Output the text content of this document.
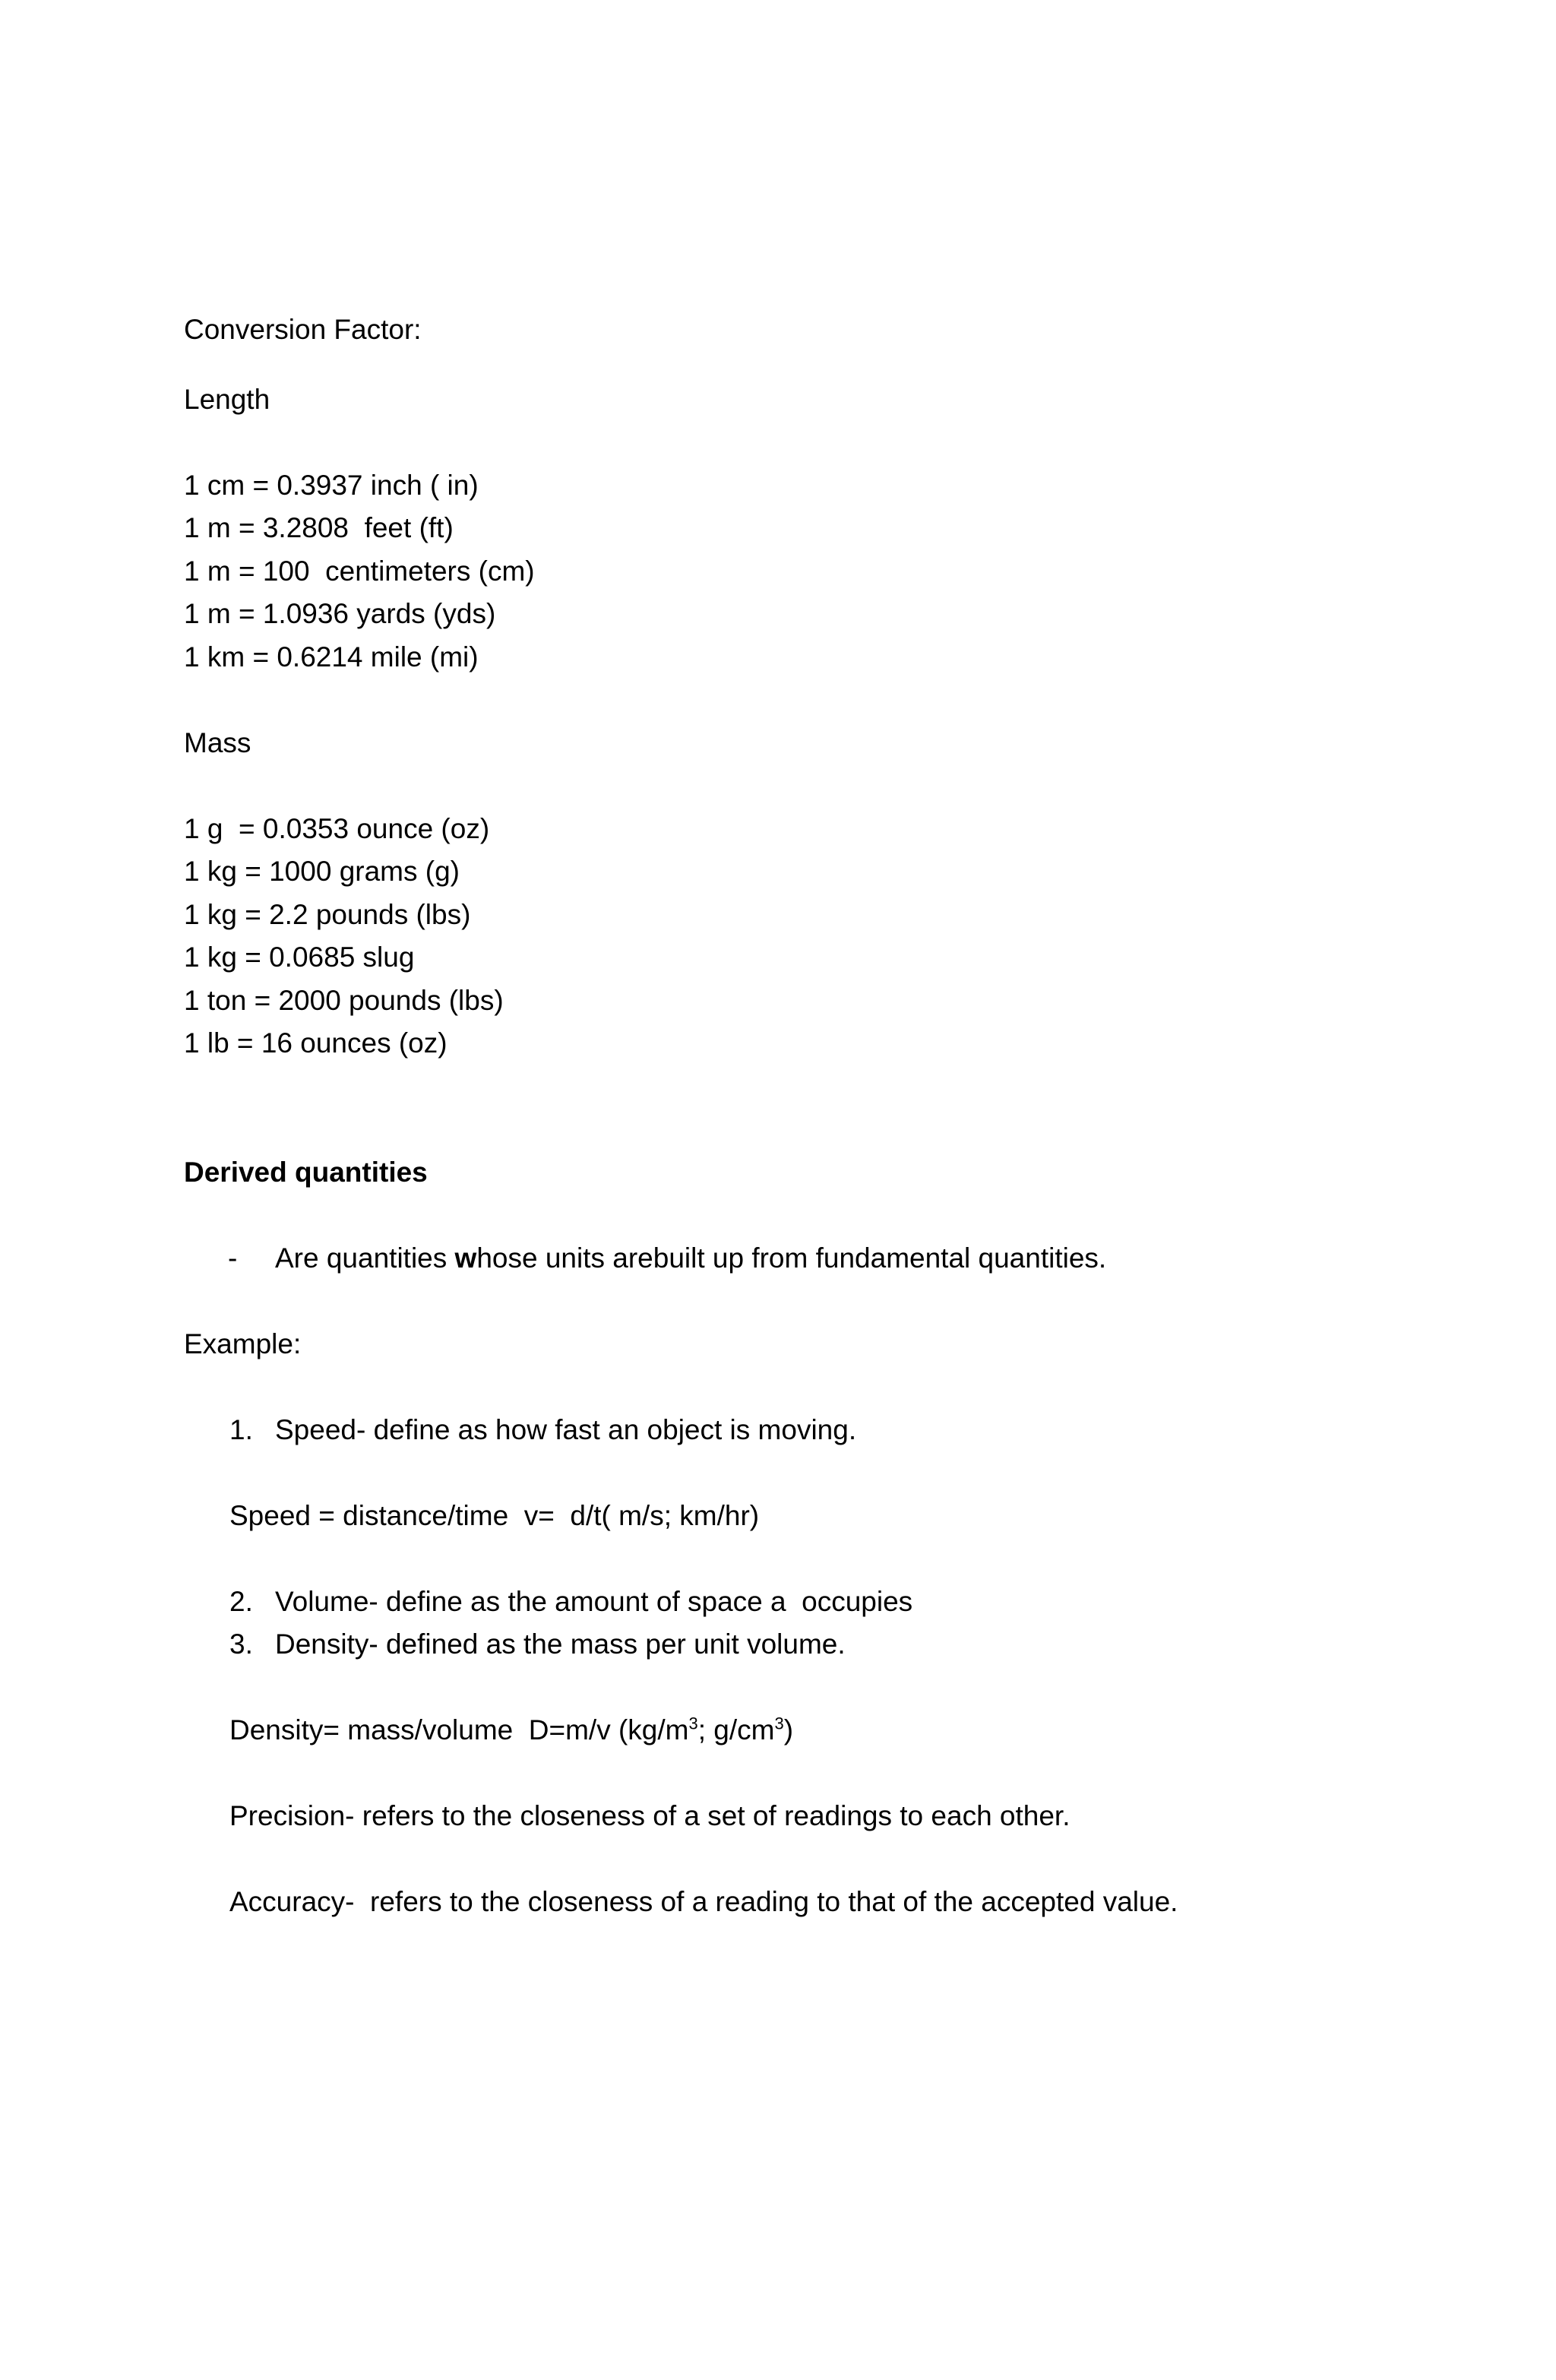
Conversion Factor:

Length

1 cm = 0.3937 inch ( in)

1 m = 3.2808  feet (ft)

1 m = 100  centimeters (cm)

1 m = 1.0936 yards (yds)

1 km = 0.6214 mile (mi)

Mass

1 g  = 0.0353 ounce (oz)

1 kg = 1000 grams (g)

1 kg = 2.2 pounds (lbs)

1 kg = 0.0685 slug

1 ton = 2000 pounds (lbs)

1 lb = 16 ounces (oz)

Derived quantities

- Are quantities whose units arebuilt up from fundamental quantities.

Example:

1. Speed- define as how fast an object is moving.

Speed = distance/time  v=  d/t( m/s; km/hr)

2. Volume- define as the amount of space a  occupies

3. Density- defined as the mass per unit volume.

Density= mass/volume  D=m/v ($kg/m^3$; $g/cm^3$)

Precision- refers to the closeness of a set of readings to each other.

Accuracy-  refers to the closeness of a reading to that of the accepted value.
